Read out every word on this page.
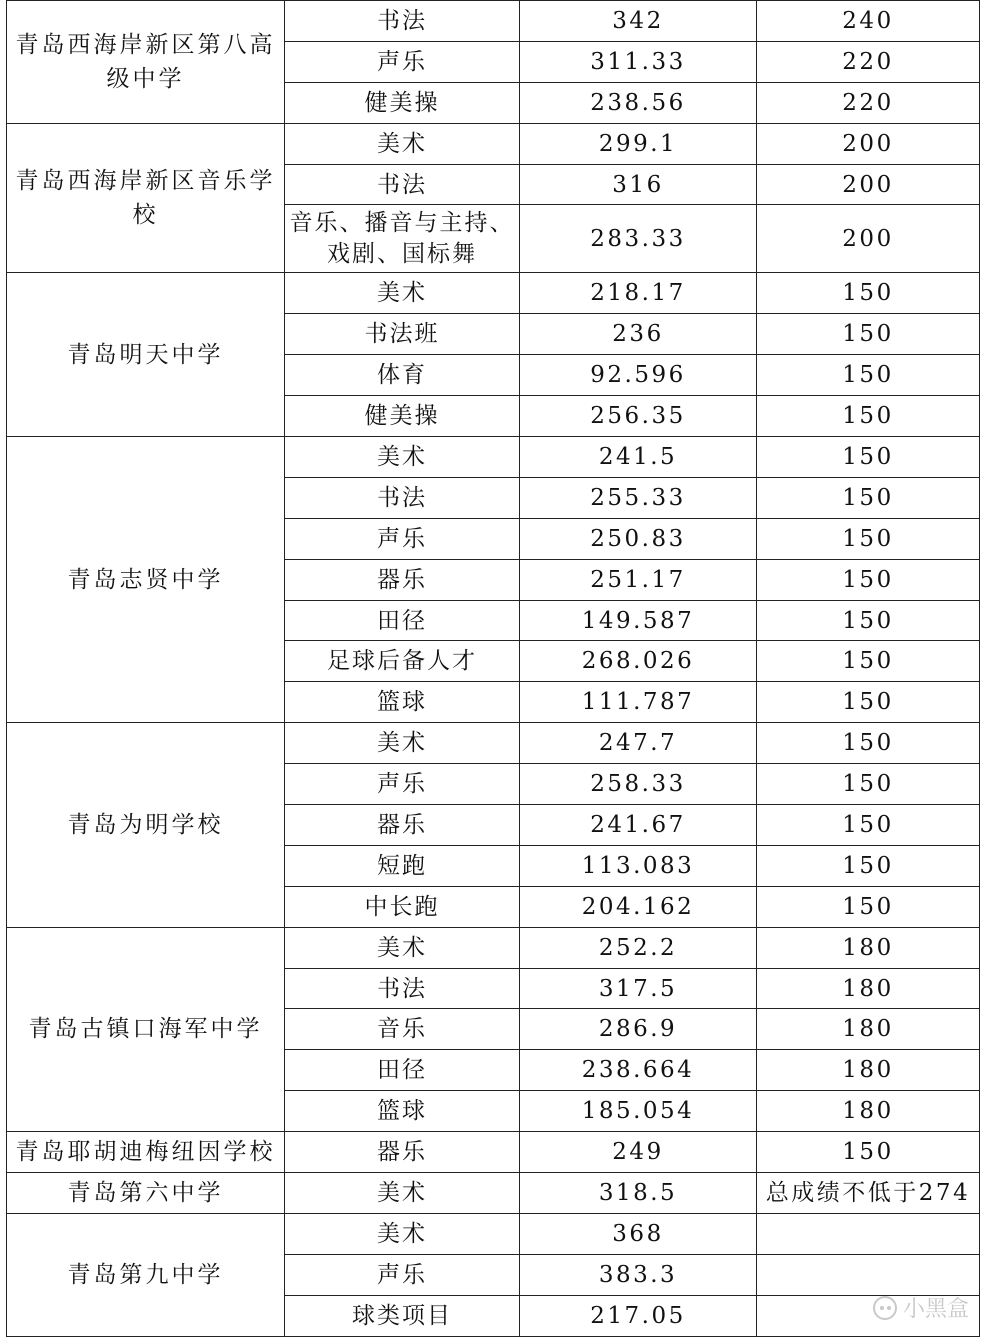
青岛西海岸新区第八高级中学	书法	342	240
	声乐	311.33	220
	健美操	238.56	220
青岛西海岸新区音乐学校	美术	299.1	200
	书法	316	200
	音乐、播音与主持、戏剧、国标舞	283.33	200
青岛明天中学	美术	218.17	150
	书法班	236	150
	体育	92.596	150
	健美操	256.35	150
青岛志贤中学	美术	241.5	150
	书法	255.33	150
	声乐	250.83	150
	器乐	251.17	150
	田径	149.587	150
	足球后备人才	268.026	150
	篮球	111.787	150
青岛为明学校	美术	247.7	150
	声乐	258.33	150
	器乐	241.67	150
	短跑	113.083	150
	中长跑	204.162	150
青岛古镇口海军中学	美术	252.2	180
	书法	317.5	180
	音乐	286.9	180
	田径	238.664	180
	篮球	185.054	180
青岛耶胡迪梅纽因学校	器乐	249	150
青岛第六中学	美术	318.5	总成绩不低于274
青岛第九中学	美术	368	
	声乐	383.3	
	球类项目	217.05		小黑盒
